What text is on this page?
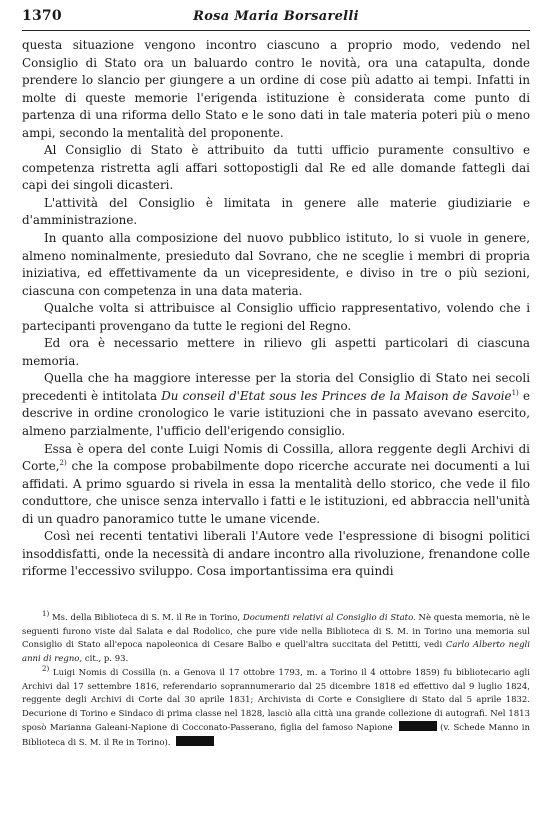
1370	Rosa Maria Borsarelli

questa situazione vengono incontro ciascuno a proprio modo, vedendo nel Consiglio di Stato ora un baluardo contro le novità, ora una catapulta, donde prendere lo slancio per giungere a un ordine di cose più adatto ai tempi. Infatti in molte di queste memorie l'erigenda istituzione è considerata come punto di partenza di una riforma dello Stato e le sono dati in tale materia poteri più o meno ampi, secondo la mentalità del proponente.

Al Consiglio di Stato è attribuito da tutti ufficio puramente consultivo e competenza ristretta agli affari sottopostigli dal Re ed alle domande fattegli dai capi dei singoli dicasteri.

L'attività del Consiglio è limitata in genere alle materie giudiziarie e d'amministrazione.

In quanto alla composizione del nuovo pubblico istituto, lo si vuole in genere, almeno nominalmente, presieduto dal Sovrano, che ne sceglie i membri di propria iniziativa, ed effettivamente da un vicepresidente, e diviso in tre o più sezioni, ciascuna con competenza in una data materia.

Qualche volta si attribuisce al Consiglio ufficio rappresentativo, volendo che i partecipanti provengano da tutte le regioni del Regno.

Ed ora è necessario mettere in rilievo gli aspetti particolari di ciascuna memoria.

Quella che ha maggiore interesse per la storia del Consiglio di Stato nei secoli precedenti è intitolata Du conseil d'Etat sous les Princes de la Maison de Savoie$^{1)}$ e descrive in ordine cronologico le varie istituzioni che in passato avevano esercito, almeno parzialmente, l'ufficio dell'erigendo consiglio.

Essa è opera del conte Luigi Nomis di Cossilla, allora reggente degli Archivi di Corte,$^{2)}$ che la compose probabilmente dopo ricerche accurate nei documenti a lui affidati. A primo sguardo si rivela in essa la mentalità dello storico, che vede il filo conduttore, che unisce senza intervallo i fatti e le istituzioni, ed abbraccia nell'unità di un quadro panoramico tutte le umane vicende.

Così nei recenti tentativi liberali l'Autore vede l'espressione di bisogni politici insoddisfatti, onde la necessità di andare incontro alla rivoluzione, frenandone colle riforme l'eccessivo sviluppo. Cosa importantissima era quindi

$^{1)}$ Ms. della Biblioteca di S. M. il Re in Torino, Documenti relativi al Consiglio di Stato. Nè questa memoria, nè le seguenti furono viste dal Salata e dal Rodolico, che pure vide nella Biblioteca di S. M. in Torino una memoria sul Consiglio di Stato all'epoca napoleonica di Cesare Balbo e quell'altra succitata del Petitti, vedi Carlo Alberto negli anni di regno, cit., p. 93.

$^{2)}$ Luigi Nomis di Cossilla (n. a Genova il 17 ottobre 1793, m. a Torino il 4 ottobre 1859) fu bibliotecario agli Archivi dal 17 settembre 1816, referendario soprannumerario dal 25 dicembre 1818 ed effettivo dal 9 luglio 1824, reggente degli Archivi di Corte dal 30 aprile 1831; Archivista di Corte e Consigliere di Stato dal 5 aprile 1832. Decurione di Torino e Sindaco di prima classe nel 1828, lasciò alla città una grande collezione di autografi. Nel 1813 sposò Marianna Galeani-Napione di Cocconato-Passerano, figlia del famoso Napione	(v. Schede Manno in Biblioteca di S. M. il Re in Torino).
